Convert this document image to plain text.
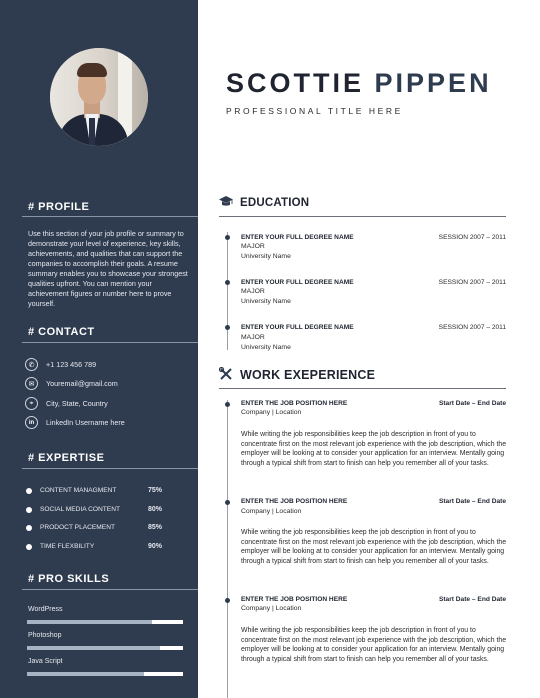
# PROFILE
Use this section of your job profile or summary to demonstrate your level of experience, key skills, achievements, and qualities that can support the companies to accomplish their goals. A resume summary enables you to showcase your strongest qualities upfront. You can mention your achievement figures or number here to prove yourself.
# CONTACT
✆	+1 123 456 789
✉	Youremail@gmail.com
⌖	City, State, Country
in	LinkedIn Username here
# EXPERTISE
CONTENT MANAGMENT	75%
SOCIAL MEDIA CONTENT	80%
PRODOCT PLACEMENT	85%
TIME FLEXBILITY	90%
# PRO SKILLS
WordPress
Photoshop
Java Script
SCOTTIE PIPPEN
PROFESSIONAL TITLE HERE
EDUCATION
ENTER YOUR FULL DEGREE NAME	SESSION 2007 – 2011
MAJOR
University Name
ENTER YOUR FULL DEGREE NAME	SESSION 2007 – 2011
MAJOR
University Name
ENTER YOUR FULL DEGREE NAME	SESSION 2007 – 2011
MAJOR
University Name
WORK EXEPERIENCE
ENTER THE JOB POSITION HERE	Start Date – End Date
Company | Location
While writing the job responsibilities keep the job description in front of you to concentrate first on the most relevant job experience with the job description, which the employer will be looking at to consider your application for an interview. Mentally going through a typical shift from start to finish can help you remember all of your tasks.
ENTER THE JOB POSITION HERE	Start Date – End Date
Company | Location
While writing the job responsibilities keep the job description in front of you to concentrate first on the most relevant job experience with the job description, which the employer will be looking at to consider your application for an interview. Mentally going through a typical shift from start to finish can help you remember all of your tasks.
ENTER THE JOB POSITION HERE	Start Date – End Date
Company | Location
While writing the job responsibilities keep the job description in front of you to concentrate first on the most relevant job experience with the job description, which the employer will be looking at to consider your application for an interview. Mentally going through a typical shift from start to finish can help you remember all of your tasks.
